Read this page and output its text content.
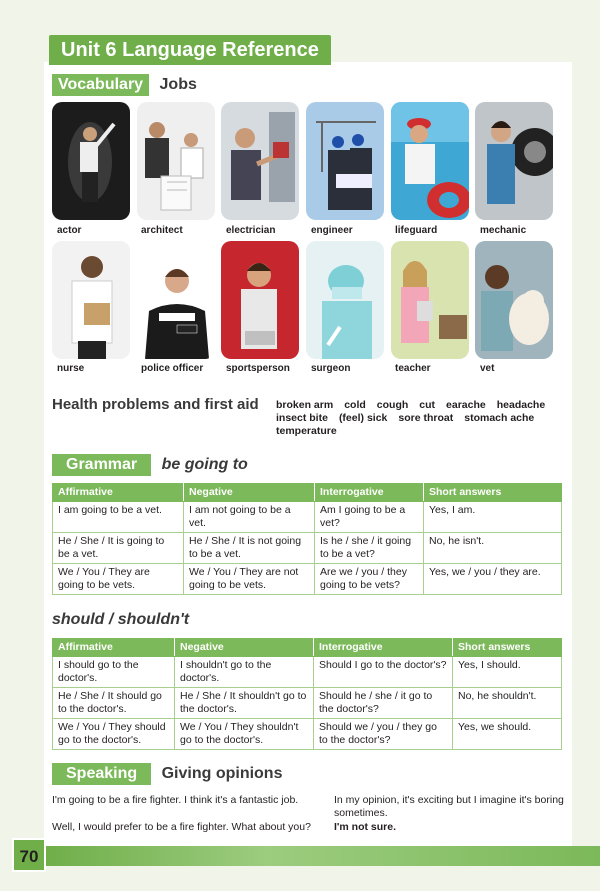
Unit 6 Language Reference
Vocabulary Jobs
actor	architect	electrician	engineer	lifeguard	mechanic
nurse	police officer sportsperson surgeon	teacher	vet
Health problems and first aid broken arm cold cough cut earache headache
insect bite (feel) sick sore throat stomach ache
temperature
Grammar be going to
Affirmative	Negative	Interrogative	Short answers
I am going to be a vet.	I am not going to be a vet.	Am I going to be a vet?	Yes, I am.
He / She / It is going to be a vet.	He / She / It is not going to be a vet.	Is he / she / it going to be a vet?	No, he isn't.
We / You / They are going to be vets.	We / You / They are not going to be vets.	Are we / you / they going to be vets?	Yes, we / you / they are.
should / shouldn't
Affirmative	Negative	Interrogative	Short answers
I should go to the doctor's.	I shouldn't go to the doctor's.	Should I go to the doctor's?	Yes, I should.
He / She / It should go to the doctor's.	He / She / It shouldn't go to the doctor's.	Should he / she / it go to the doctor's?	No, he shouldn't.
We / You / They should go to the doctor's.	We / You / They shouldn't go to the doctor's.	Should we / you / they go to the doctor's?	Yes, we should.
Speaking Giving opinions
I'm going to be a fire fighter. I think it's a fantastic job.
Well, I would prefer to be a fire fighter. What about you?
In my opinion, it's exciting but I imagine it's boring sometimes.
I'm not sure.
70
